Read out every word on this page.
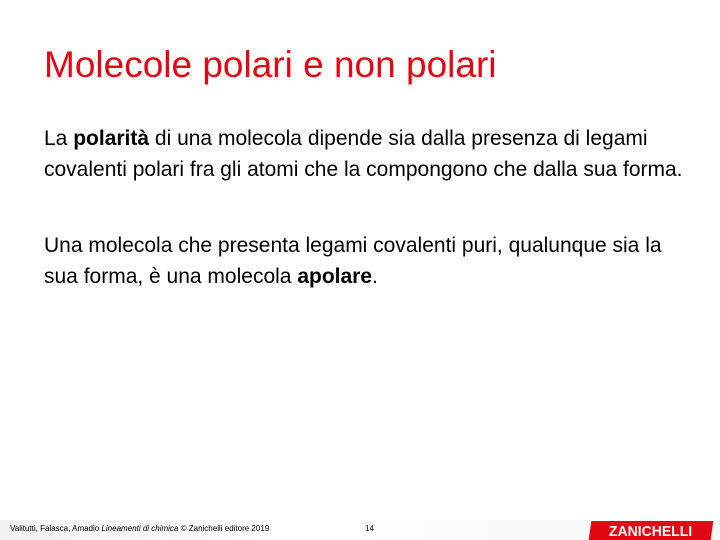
Molecole polari e non polari

La polarità di una molecola dipende sia dalla presenza di legami covalenti polari fra gli atomi che la compongono che dalla sua forma.

Una molecola che presenta legami covalenti puri, qualunque sia la sua forma, è una molecola apolare.

Valitutti, Falasca, Amadio Lineamenti di chimica © Zanichelli editore 2019	14	ZANICHELLI
